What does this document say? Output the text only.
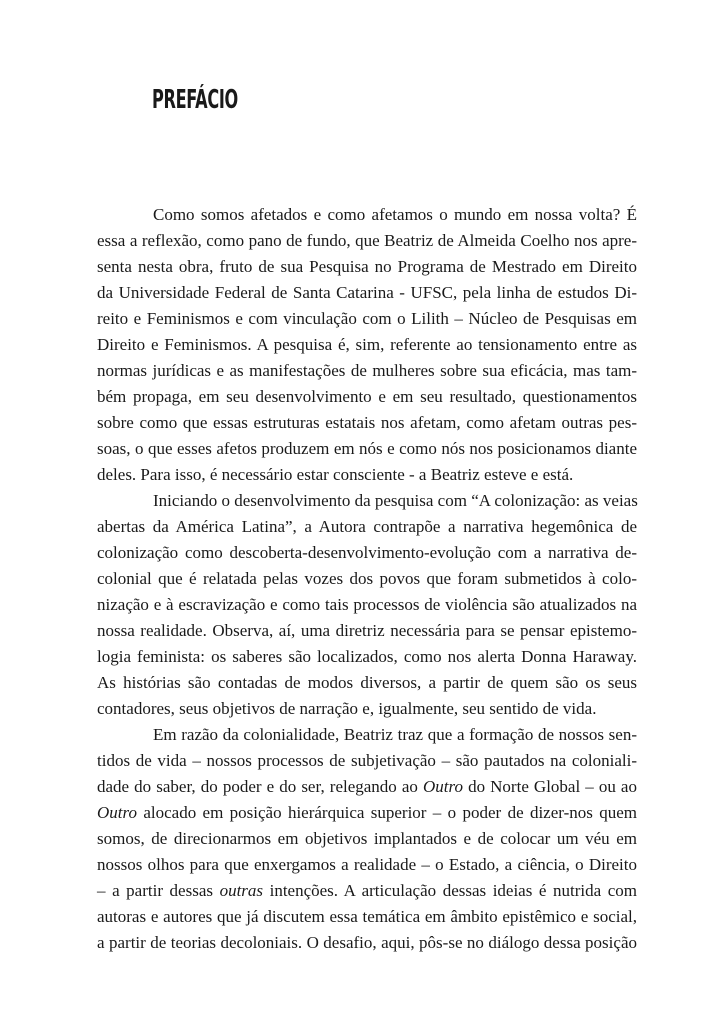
PREFÁCIO
Como somos afetados e como afetamos o mundo em nossa volta? É
essa a reflexão, como pano de fundo, que Beatriz de Almeida Coelho nos apre-
senta nesta obra, fruto de sua Pesquisa no Programa de Mestrado em Direito
da Universidade Federal de Santa Catarina - UFSC, pela linha de estudos Di-
reito e Feminismos e com vinculação com o Lilith – Núcleo de Pesquisas em
Direito e Feminismos. A pesquisa é, sim, referente ao tensionamento entre as
normas jurídicas e as manifestações de mulheres sobre sua eficácia, mas tam-
bém propaga, em seu desenvolvimento e em seu resultado, questionamentos
sobre como que essas estruturas estatais nos afetam, como afetam outras pes-
soas, o que esses afetos produzem em nós e como nós nos posicionamos diante
deles. Para isso, é necessário estar consciente - a Beatriz esteve e está.
Iniciando o desenvolvimento da pesquisa com “A colonização: as veias
abertas da América Latina”, a Autora contrapõe a narrativa hegemônica de
colonização como descoberta-desenvolvimento-evolução com a narrativa de-
colonial que é relatada pelas vozes dos povos que foram submetidos à colo-
nização e à escravização e como tais processos de violência são atualizados na
nossa realidade. Observa, aí, uma diretriz necessária para se pensar epistemo-
logia feminista: os saberes são localizados, como nos alerta Donna Haraway.
As histórias são contadas de modos diversos, a partir de quem são os seus
contadores, seus objetivos de narração e, igualmente, seu sentido de vida.
Em razão da colonialidade, Beatriz traz que a formação de nossos sen-
tidos de vida – nossos processos de subjetivação – são pautados na coloniali-
dade do saber, do poder e do ser, relegando ao Outro do Norte Global – ou ao
Outro alocado em posição hierárquica superior – o poder de dizer-nos quem
somos, de direcionarmos em objetivos implantados e de colocar um véu em
nossos olhos para que enxergamos a realidade – o Estado, a ciência, o Direito
– a partir dessas outras intenções. A articulação dessas ideias é nutrida com
autoras e autores que já discutem essa temática em âmbito epistêmico e social,
a partir de teorias decoloniais. O desafio, aqui, pôs-se no diálogo dessa posição
